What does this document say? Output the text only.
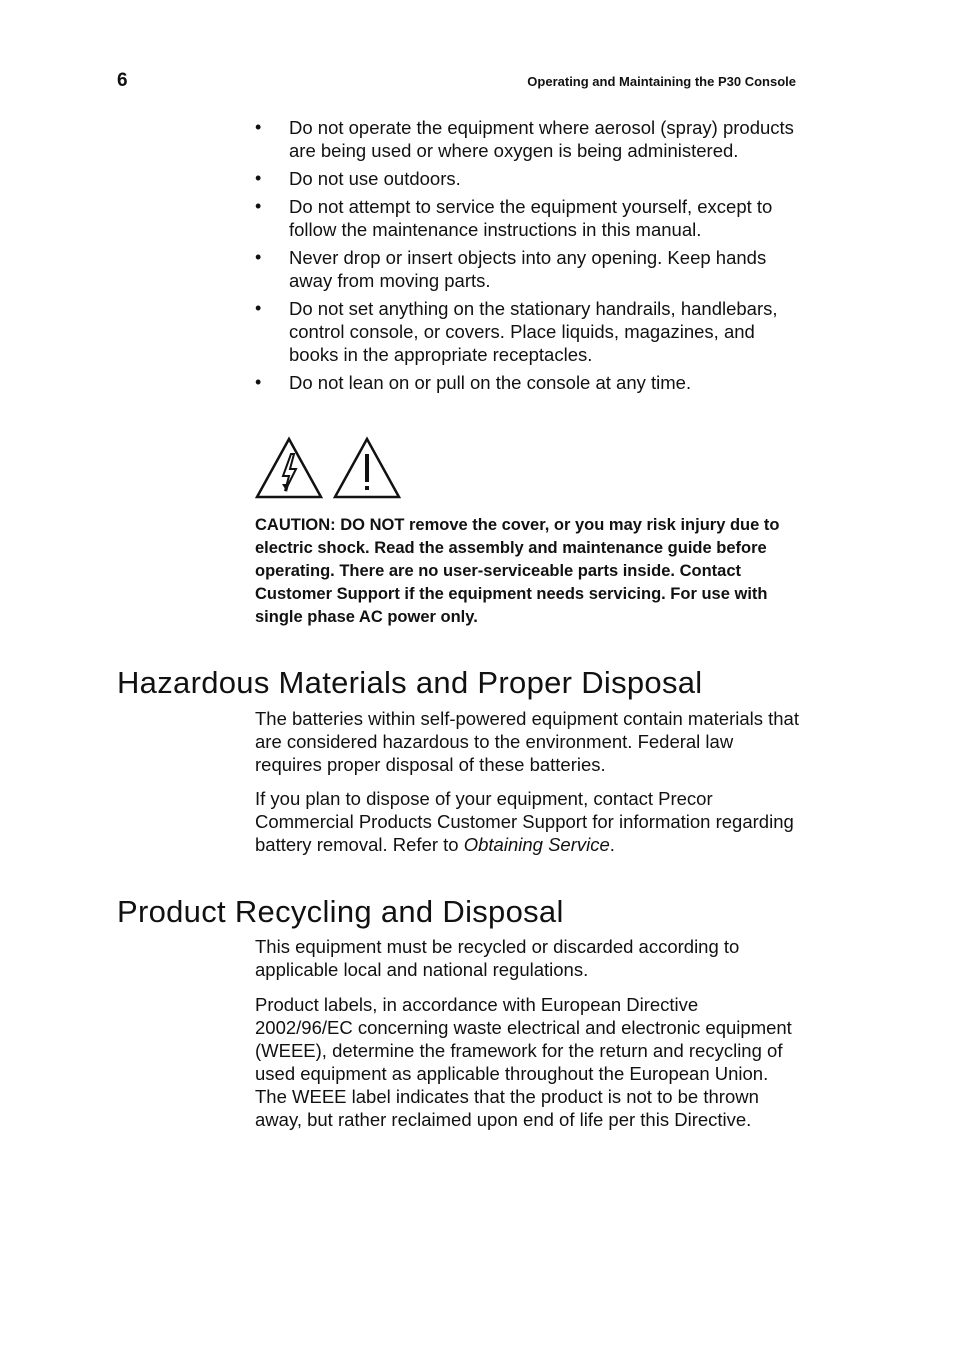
6	Operating and Maintaining the P30 Console
• Do not operate the equipment where aerosol (spray) products are being used or where oxygen is being administered.
• Do not use outdoors.
• Do not attempt to service the equipment yourself, except to follow the maintenance instructions in this manual.
• Never drop or insert objects into any opening. Keep hands away from moving parts.
• Do not set anything on the stationary handrails, handlebars, control console, or covers. Place liquids, magazines, and books in the appropriate receptacles.
• Do not lean on or pull on the console at any time.

CAUTION: DO NOT remove the cover, or you may risk injury due to electric shock. Read the assembly and maintenance guide before operating. There are no user-serviceable parts inside. Contact Customer Support if the equipment needs servicing. For use with single phase AC power only.

Hazardous Materials and Proper Disposal

The batteries within self-powered equipment contain materials that are considered hazardous to the environment. Federal law requires proper disposal of these batteries.

If you plan to dispose of your equipment, contact Precor Commercial Products Customer Support for information regarding battery removal. Refer to Obtaining Service.

Product Recycling and Disposal

This equipment must be recycled or discarded according to applicable local and national regulations.

Product labels, in accordance with European Directive 2002/96/EC concerning waste electrical and electronic equipment (WEEE), determine the framework for the return and recycling of used equipment as applicable throughout the European Union. The WEEE label indicates that the product is not to be thrown away, but rather reclaimed upon end of life per this Directive.
